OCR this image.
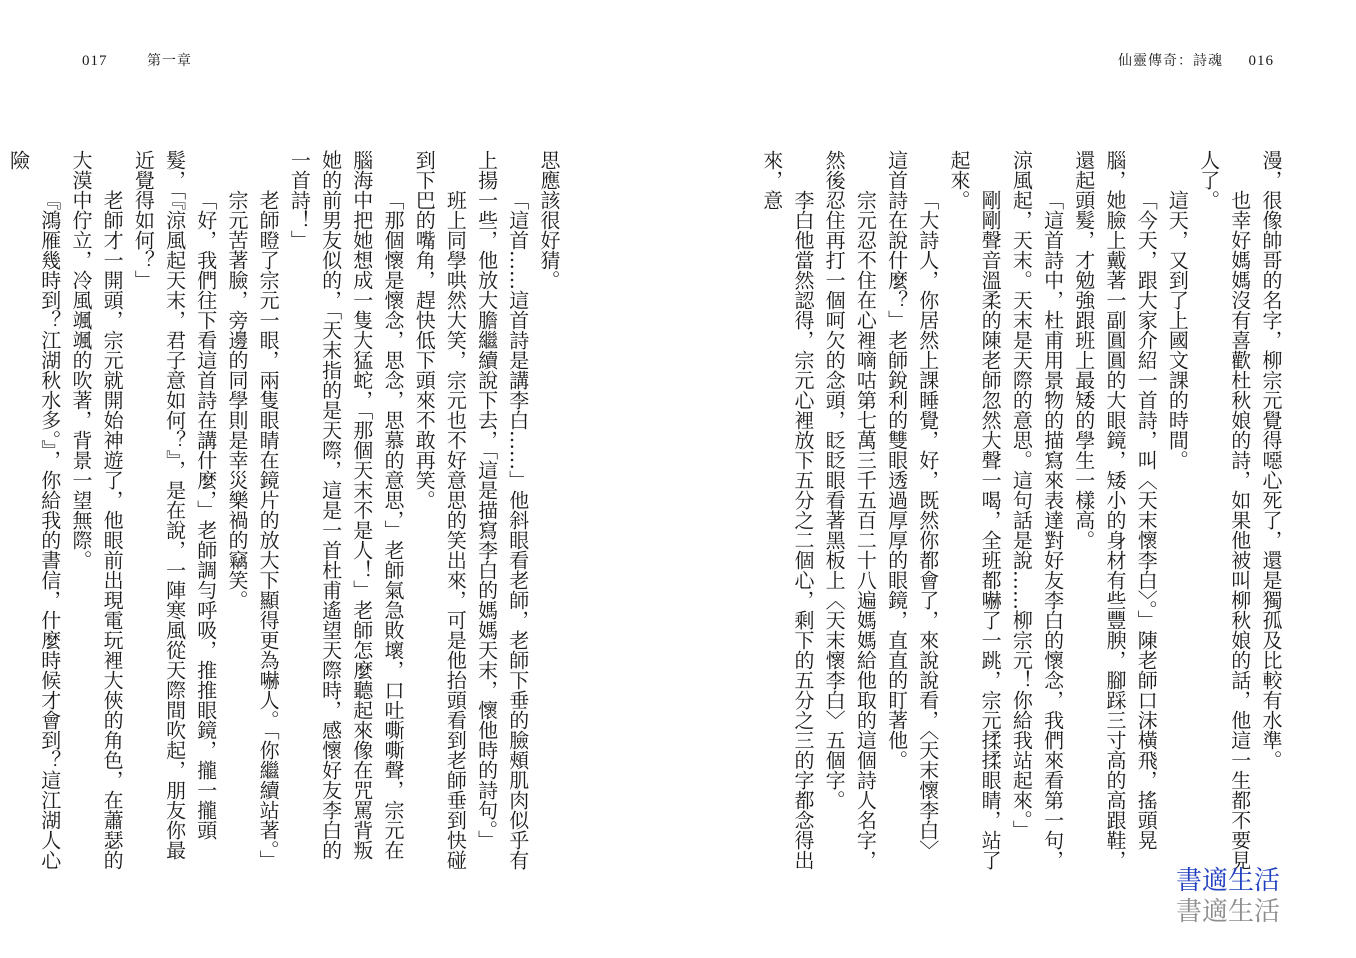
017	第一章	仙靈傳奇：詩魂 016

漫，很像帥哥的名字，柳宗元覺得噁心死了，還是獨孤及比較有水準。

也幸好媽媽沒有喜歡杜秋娘的詩，如果他被叫柳秋娘的話，他這一生都不要見人了。

這天，又到了上國文課的時間。

「今天，跟大家介紹一首詩，叫〈天末懷李白〉。」陳老師口沫橫飛，搖頭晃腦，她臉上戴著一副圓圓的大眼鏡，矮小的身材有些豐腴，腳踩三寸高的高跟鞋，還起頭髮，才勉強跟班上最矮的學生一樣高。

「這首詩中，杜甫用景物的描寫來表達對好友李白的懷念，我們來看第一句，涼風起，天末。天末是天際的意思。這句話是說……柳宗元！你給我站起來。」

剛剛聲音溫柔的陳老師忽然大聲一喝，全班都嚇了一跳，宗元揉揉眼睛，站了起來。

「大詩人，你居然上課睡覺，好，既然你都會了，來說說看，〈天末懷李白〉這首詩在說什麼？」老師銳利的雙眼透過厚厚的眼鏡，直直的盯著他。

宗元忍不住在心裡嘀咕第七萬三千五百二十八遍媽媽給他取的這個詩人名字，然後忍住再打一個呵欠的念頭，眨眨眼看著黑板上〈天末懷李白〉五個字。

李白他當然認得，宗元心裡放下五分之二個心，剩下的五分之三的字都念得出來，意

思應該很好猜。

「這首……這首詩是講李白……」他斜眼看老師，老師下垂的臉頰肌肉似乎有上揚一些，他放大膽繼續說下去，「這是描寫李白的媽媽天末，懷他時的詩句。」

班上同學哄然大笑，宗元也不好意思的笑出來，可是他抬頭看到老師垂到快碰到下巴的嘴角，趕快低下頭來不敢再笑。

「那個懷是懷念，思念，思慕的意思，」老師氣急敗壞，口吐嘶嘶聲，宗元在腦海中把她想成一隻大猛蛇，「那個天末不是人！」老師怎麼聽起來像在咒罵背叛她的前男友似的，「天末指的是天際，這是一首杜甫遙望天際時，感懷好友李白的一首詩！」

老師瞪了宗元一眼，兩隻眼睛在鏡片的放大下顯得更為嚇人。「你繼續站著。」

宗元苦著臉，旁邊的同學則是幸災樂禍的竊笑。

「好，我們往下看這首詩在講什麼，」老師調勻呼吸，推推眼鏡，攏一攏頭髮，「『涼風起天末，君子意如何？』，是在說，一陣寒風從天際間吹起，朋友你最近覺得如何？」

老師才一開頭，宗元就開始神遊了，他眼前出現電玩裡大俠的角色，在蕭瑟的大漠中佇立，冷風颯颯的吹著，背景一望無際。

『鴻雁幾時到？江湖秋水多。』，你給我的書信，什麼時候才會到？這江湖人心險

書適生活
書適生活
